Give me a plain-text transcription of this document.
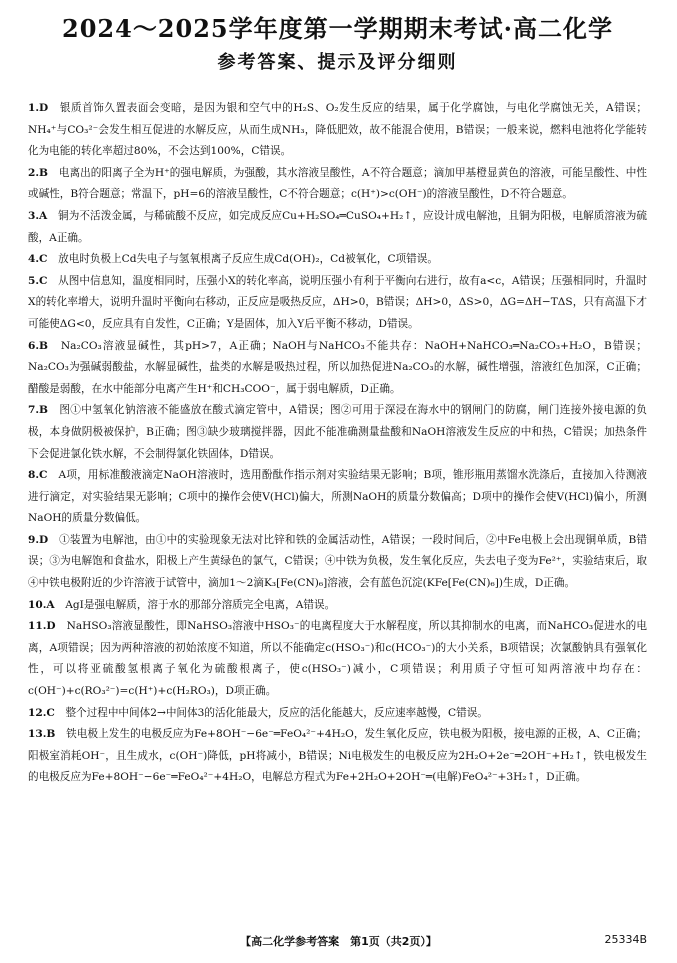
2024～2025学年度第一学期期末考试·高二化学
参考答案、提示及评分细则

1.D　 银质首饰久置表面会变暗，是因为银和空气中的H₂S、O₂发生反应的结果，属于化学腐蚀，与电化学腐蚀无关，A错误；NH₄⁺与CO₃²⁻会发生相互促进的水解反应，从而生成NH₃，降低肥效，故不能混合使用，B错误；一般来说，燃料电池将化学能转化为电能的转化率超过80%，不会达到100%，C错误。

2.B　 电离出的阳离子全为H⁺的强电解质，为强酸，其水溶液呈酸性，A不符合题意；滴加甲基橙显黄色的溶液，可能呈酸性、中性或碱性，B符合题意；常温下，pH=6的溶液呈酸性，C不符合题意；c(H⁺)>c(OH⁻)的溶液呈酸性，D不符合题意。

3.A　 铜为不活泼金属，与稀硫酸不反应，如完成反应Cu+H₂SO₄═CuSO₄+H₂↑，应设计成电解池，且铜为阳极，电解质溶液为硫酸，A正确。

4.C　 放电时负极上Cd失电子与氢氧根离子反应生成Cd(OH)₂，Cd被氧化，C项错误。

5.C　 从图中信息知，温度相同时，压强小X的转化率高，说明压强小有利于平衡向右进行，故有a<c，A错误；压强相同时，升温时X的转化率增大，说明升温时平衡向右移动，正反应是吸热反应，ΔH>0，B错误；ΔH>0，ΔS>0，ΔG=ΔH−TΔS，只有高温下才可能使ΔG<0，反应具有自发性，C正确；Y是固体，加入Y后平衡不移动，D错误。

6.B　 Na₂CO₃溶液显碱性，其pH>7，A正确；NaOH与NaHCO₃不能共存：NaOH+NaHCO₃═Na₂CO₃+H₂O，B错误；Na₂CO₃为强碱弱酸盐，水解显碱性，盐类的水解是吸热过程，所以加热促进Na₂CO₃的水解，碱性增强，溶液红色加深，C正确；醋酸是弱酸，在水中能部分电离产生H⁺和CH₃COO⁻，属于弱电解质，D正确。

7.B　 图①中氢氧化钠溶液不能盛放在酸式滴定管中，A错误；图②可用于深浸在海水中的钢闸门的防腐，闸门连接外接电源的负极，本身做阴极被保护，B正确；图③缺少玻璃搅拌器，因此不能准确测量盐酸和NaOH溶液发生反应的中和热，C错误；加热条件下会促进氯化铁水解，不会制得氯化铁固体，D错误。

8.C　 A项，用标准酸液滴定NaOH溶液时，选用酚酞作指示剂对实验结果无影响；B项，锥形瓶用蒸馏水洗涤后，直接加入待测液进行滴定，对实验结果无影响；C项中的操作会使V(HCl)偏大，所测NaOH的质量分数偏高；D项中的操作会使V(HCl)偏小，所测NaOH的质量分数偏低。

9.D　 ①装置为电解池，由①中的实验现象无法对比锌和铁的金属活动性，A错误；一段时间后，②中Fe电极上会出现铜单质，B错误；③为电解饱和食盐水，阳极上产生黄绿色的氯气，C错误；④中铁为负极，发生氧化反应，失去电子变为Fe²⁺，实验结束后，取④中铁电极附近的少许溶液于试管中，滴加1～2滴K₃[Fe(CN)₆]溶液，会有蓝色沉淀(KFe[Fe(CN)₆])生成，D正确。

10.A　 AgI是强电解质，溶于水的那部分溶质完全电离，A错误。

11.D　 NaHSO₃溶液显酸性，即NaHSO₃溶液中HSO₃⁻的电离程度大于水解程度，所以其抑制水的电离，而NaHCO₃促进水的电离，A项错误；因为两种溶液的初始浓度不知道，所以不能确定c(HSO₃⁻)和c(HCO₃⁻)的大小关系，B项错误；次氯酸钠具有强氧化性，可以将亚硫酸氢根离子氧化为硫酸根离子，使c(HSO₃⁻)减小，C项错误；利用质子守恒可知两溶液中均存在：c(OH⁻)+c(RO₃²⁻)=c(H⁺)+c(H₂RO₃)，D项正确。

12.C　 整个过程中中间体2→中间体3的活化能最大，反应的活化能越大，反应速率越慢，C错误。

13.B　 铁电极上发生的电极反应为Fe+8OH⁻−6e⁻═FeO₄²⁻+4H₂O，发生氧化反应，铁电极为阳极，接电源的正极，A、C正确；阳极室消耗OH⁻，且生成水，c(OH⁻)降低，pH将减小，B错误；Ni电极发生的电极反应为2H₂O+2e⁻═2OH⁻+H₂↑，铁电极发生的电极反应为Fe+8OH⁻−6e⁻═FeO₄²⁻+4H₂O，电解总方程式为Fe+2H₂O+2OH⁻═(电解)FeO₄²⁻+3H₂↑，D正确。

【高二化学参考答案　第1页（共2页）】	25334B
